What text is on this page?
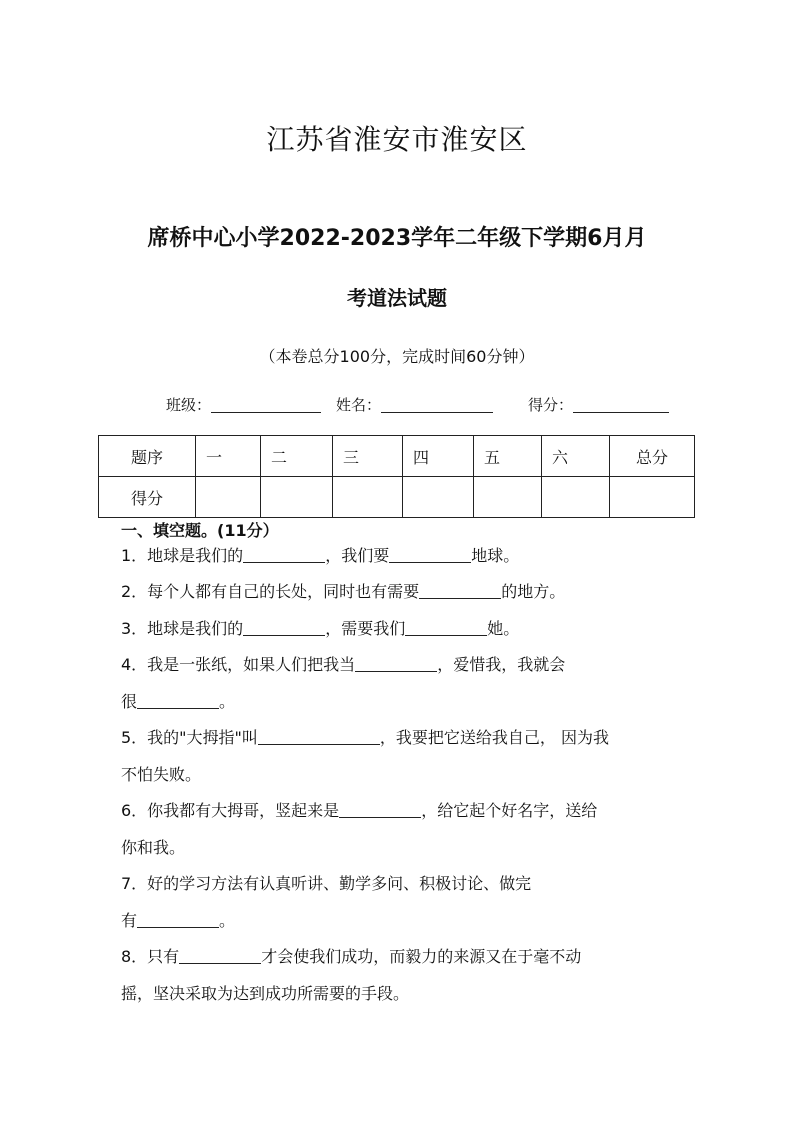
江苏省淮安市淮安区
席桥中心小学2022-2023学年二年级下学期6月月
考道法试题
（本卷总分100分，完成时间60分钟）
班级：	姓名：	得分：
题序	一	二	三	四	五	六	总分
得分							
一、填空题。(11分）
1．地球是我们的	，我们要	地球。
2．每个人都有自己的长处，同时也有需要	的地方。
3．地球是我们的	，需要我们	她。
4．我是一张纸，如果人们把我当	，爱惜我，我就会
很	。
5．我的"大拇指"叫	，我要把它送给我自己， 因为我
不怕失败。
6．你我都有大拇哥，竖起来是	，给它起个好名字，送给
你和我。
7．好的学习方法有认真听讲、勤学多问、积极讨论、做完
有	。
8．只有	才会使我们成功，而毅力的来源又在于毫不动
摇，坚决采取为达到成功所需要的手段。
